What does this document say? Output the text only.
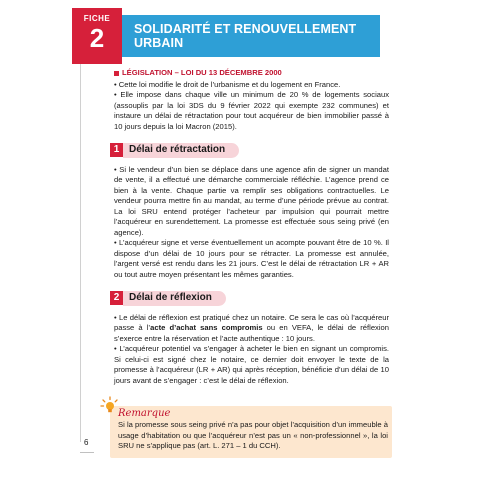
FICHE
2	SOLIDARITÉ ET RENOUVELLEMENT URBAIN
LÉGISLATION – LOI DU 13 DÉCEMBRE 2000

• Cette loi modifie le droit de l’urbanisme et du logement en France.

• Elle impose dans chaque ville un minimum de 20 % de logements sociaux (assouplis par la loi 3DS du 9 février 2022 qui exempte 232 communes) et instaure un délai de rétractation pour tout acquéreur de bien immobilier passé à 10 jours depuis la loi Macron (2015).

1 Délai de rétractation

• Si le vendeur d’un bien se déplace dans une agence afin de signer un mandat de vente, il a effectué une démarche commerciale réfléchie. L’agence prend ce bien à la vente. Chaque partie va remplir ses obligations contractuelles. Le vendeur pourra mettre fin au mandat, au terme d’une période prévue au contrat. La loi SRU entend protéger l’acheteur par impulsion qui pourrait mettre l’acquéreur en surendettement. La promesse est effectuée sous seing privé (en agence).

• L’acquéreur signe et verse éventuellement un acompte pouvant être de 10 %. Il dispose d’un délai de 10 jours pour se rétracter. La promesse est annulée, l’argent versé est rendu dans les 21 jours. C’est le délai de rétractation LR + AR ou tout autre moyen présentant les mêmes garanties.

2 Délai de réflexion

• Le délai de réflexion est pratiqué chez un notaire. Ce sera le cas où l’acquéreur passe à l’acte d’achat sans compromis ou en VEFA, le délai de réflexion s’exerce entre la réservation et l’acte authentique : 10 jours.

• L’acquéreur potentiel va s’engager à acheter le bien en signant un compromis. Si celui-ci est signé chez le notaire, ce dernier doit envoyer le texte de la promesse à l’acquéreur (LR + AR) qui après réception, bénéficie d’un délai de 10 jours avant de s’engager : c’est le délai de réflexion.

Remarque

Si la promesse sous seing privé n’a pas pour objet l’acquisition d’un immeuble à usage d’habitation ou que l’acquéreur n’est pas un « non-professionnel », la loi SRU ne s’applique pas (art. L. 271 – 1 du CCH).

6
